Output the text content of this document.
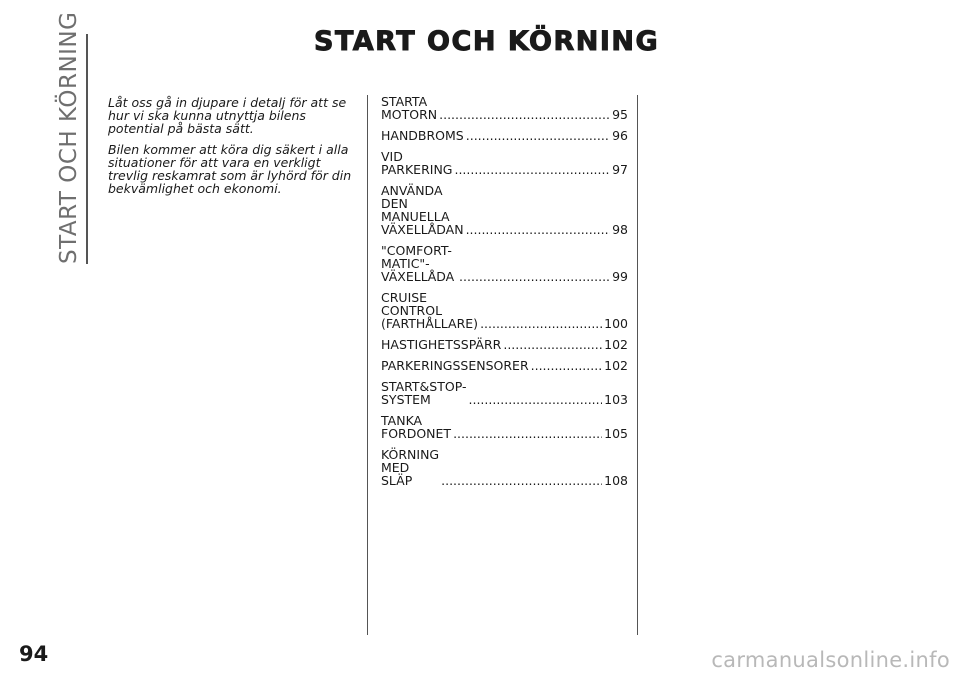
START OCH KÖRNING	START OCH KÖRNING

Låt oss gå in djupare i detalj för att se hur vi ska kunna utnyttja bilens potential på bästa sätt.

Bilen kommer att köra dig säkert i alla situationer för att vara en verkligt trevlig reskamrat som är lyhörd för din bekvämlighet och ekonomi.

STARTA MOTORN .....	95
HANDBROMS .....	96
VID PARKERING .....	97
ANVÄNDA DEN MANUELLA
VÄXELLÅDAN .....	98
"COMFORT-MATIC"-VÄXELLÅDA .....	99
CRUISE CONTROL
(FARTHÅLLARE) .....	100
HASTIGHETSSPÄRR .....	102
PARKERINGSSENSORER .....	102
START&STOP-SYSTEM .....	103
TANKA FORDONET .....	105
KÖRNING MED SLÄP .....	108
94	carmanualsonline.info
